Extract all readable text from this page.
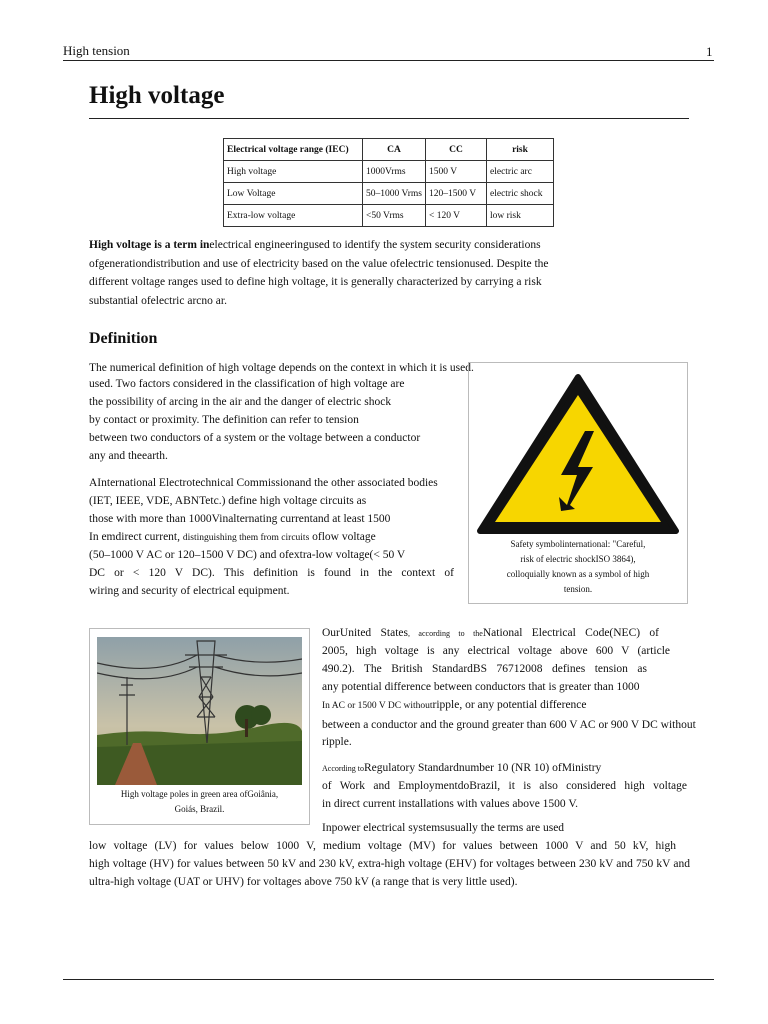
High tension	1
High voltage
Electrical voltage range (IEC)	CA	CC	risk
High voltage	1000Vrms	1500 V	electric arc
Low Voltage	50–1000 Vrms	120–1500 V	electric shock
Extra-low voltage	<50 Vrms	< 120 V	low risk
High voltage is a term inelectrical engineeringused to identify the system security considerations
ofgenerationdistribution and use of electricity based on the value ofelectric tensionused. Despite the
different voltage ranges used to define high voltage, it is generally characterized by carrying a risk
substantial ofelectric arcno ar.
Definition
The numerical definition of high voltage depends on the context in which it is used.
used. Two factors considered in the classification of high voltage are
the possibility of arcing in the air and the danger of electric shock
by contact or proximity. The definition can refer to tension
between two conductors of a system or the voltage between a conductor
any and theearth.
AInternational Electrotechnical Commissionand the other associated bodies
(IET, IEEE, VDE, ABNTetc.) define high voltage circuits as
those with more than 1000Vinalternating currentand at least 1500
In emdirect current, distinguishing them from circuits oflow voltage
(50–1000 V AC or 120–1500 V DC) and ofextra-low voltage(< 50 V
DC or < 120 V DC). This definition is found in the context of
wiring and security of electrical equipment.
Safety symbolinternational: "Careful,
risk of electric shockISO 3864),
colloquially known as a symbol of high
tension.
High voltage poles in green area ofGoiânia,
Goiás, Brazil.
OurUnited States, according to theNational Electrical Code(NEC) of
2005, high voltage is any electrical voltage above 600 V (article
490.2). The British StandardBS 76712008 defines tension as
any potential difference between conductors that is greater than 1000
In AC or 1500 V DC withoutripple, or any potential difference
between a conductor and the ground greater than 600 V AC or 900 V DC without
ripple.
According toRegulatory Standardnumber 10 (NR 10) ofMinistry
of Work and EmploymentdoBrazil, it is also considered high voltage
in direct current installations with values above 1500 V.
Inpower electrical systemsusually the terms are used
low voltage (LV) for values below 1000 V, medium voltage (MV) for values between 1000 V and 50 kV, high
high voltage (HV) for values between 50 kV and 230 kV, extra-high voltage (EHV) for voltages between 230 kV and 750 kV and
ultra-high voltage (UAT or UHV) for voltages above 750 kV (a range that is very little used).
